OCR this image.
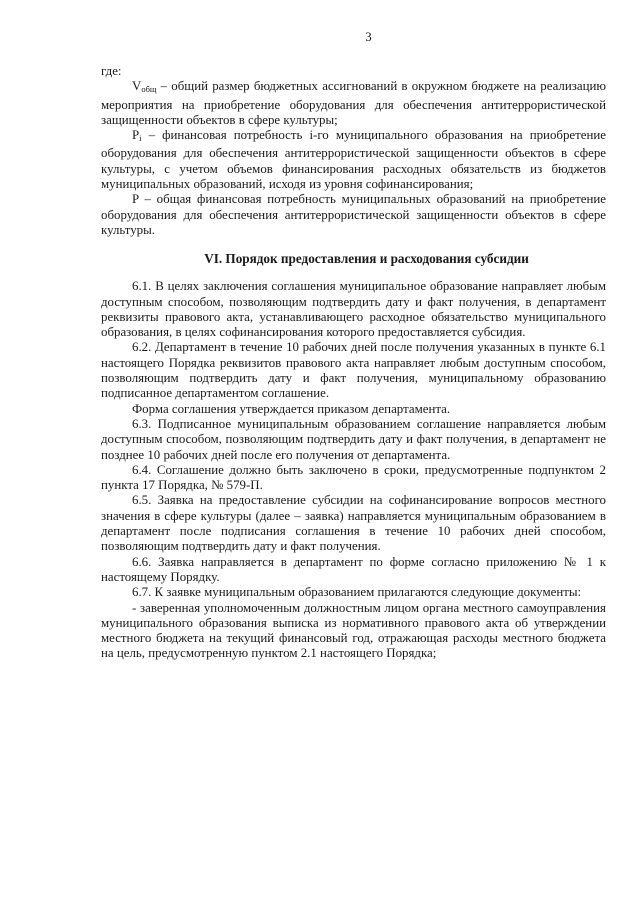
3

где:

$V_{общ}$ – общий размер бюджетных ассигнований в окружном бюджете на реализацию мероприятия на приобретение оборудования для обеспечения антитеррористической защищенности объектов в сфере культуры;

$P_i$ – финансовая потребность i-го муниципального образования на приобретение оборудования для обеспечения антитеррористической защищенности объектов в сфере культуры, с учетом объемов финансирования расходных обязательств из бюджетов муниципальных образований, исходя из уровня софинансирования;

P – общая финансовая потребность муниципальных образований на приобретение оборудования для обеспечения антитеррористической защищенности объектов в сфере культуры.

VI. Порядок предоставления и расходования субсидии

6.1. В целях заключения соглашения муниципальное образование направляет любым доступным способом, позволяющим подтвердить дату и факт получения, в департамент реквизиты правового акта, устанавливающего расходное обязательство муниципального образования, в целях софинансирования которого предоставляется субсидия.

6.2. Департамент в течение 10 рабочих дней после получения указанных в пункте 6.1 настоящего Порядка реквизитов правового акта направляет любым доступным способом, позволяющим подтвердить дату и факт получения, муниципальному образованию подписанное департаментом соглашение.

Форма соглашения утверждается приказом департамента.

6.3. Подписанное муниципальным образованием соглашение направляется любым доступным способом, позволяющим подтвердить дату и факт получения, в департамент не позднее 10 рабочих дней после его получения от департамента.

6.4. Соглашение должно быть заключено в сроки, предусмотренные подпунктом 2 пункта 17 Порядка, № 579-П.

6.5. Заявка на предоставление субсидии на софинансирование вопросов местного значения в сфере культуры (далее – заявка) направляется муниципальным образованием в департамент после подписания соглашения в течение 10 рабочих дней способом, позволяющим подтвердить дату и факт получения.

6.6. Заявка направляется в департамент по форме согласно приложению № 1 к настоящему Порядку.

6.7. К заявке муниципальным образованием прилагаются следующие документы:

- заверенная уполномоченным должностным лицом органа местного самоуправления муниципального образования выписка из нормативного правового акта об утверждении местного бюджета на текущий финансовый год, отражающая расходы местного бюджета на цель, предусмотренную пунктом 2.1 настоящего Порядка;
